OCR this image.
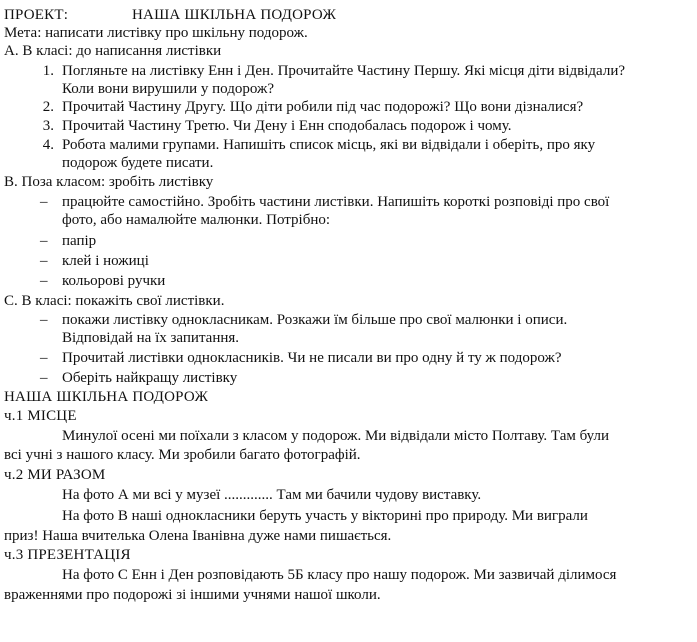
ПРОЕКТ:	НАША ШКІЛЬНА ПОДОРОЖ
Мета: написати листівку про шкільну подорож.
А. В класі: до написання листівки
1. Погляньте на листівку Енн і Ден. Прочитайте Частину Першу. Які місця діти відвідали?
Коли вони вирушили у подорож?
2. Прочитай Частину Другу. Що діти робили під час подорожі? Що вони дізналися?
3. Прочитай Частину Третю. Чи Дену і Енн сподобалась подорож і чому.
4. Робота малими групами. Напишіть список місць, які ви відвідали і оберіть, про яку
подорож будете писати.
В. Поза класом: зробіть листівку
– працюйте самостійно. Зробіть частини листівки. Напишіть короткі розповіді про свої
фото, або намалюйте малюнки. Потрібно:
– папір
– клей і ножиці
– кольорові ручки
С. В класі: покажіть свої листівки.
– покажи листівку однокласникам. Розкажи їм більше про свої малюнки і описи.
Відповідай на їх запитання.
– Прочитай листівки однокласників. Чи не писали ви про одну й ту ж подорож?
– Оберіть найкращу листівку
НАША ШКІЛЬНА ПОДОРОЖ
ч.1 МІСЦЕ
Минулої осені ми поїхали з класом у подорож. Ми відвідали місто Полтаву. Там були
всі учні з нашого класу. Ми зробили багато фотографій.
ч.2 МИ РАЗОМ
На фото А ми всі у музеї ............. Там ми бачили чудову виставку.
На фото В наші однокласники беруть участь у вікторині про природу. Ми виграли
приз! Наша вчителька Олена Іванівна дуже нами пишається.
ч.3 ПРЕЗЕНТАЦІЯ
На фото С Енн і Ден розповідають 5Б класу про нашу подорож. Ми зазвичай ділимося
враженнями про подорожі зі іншими учнями нашої школи.
